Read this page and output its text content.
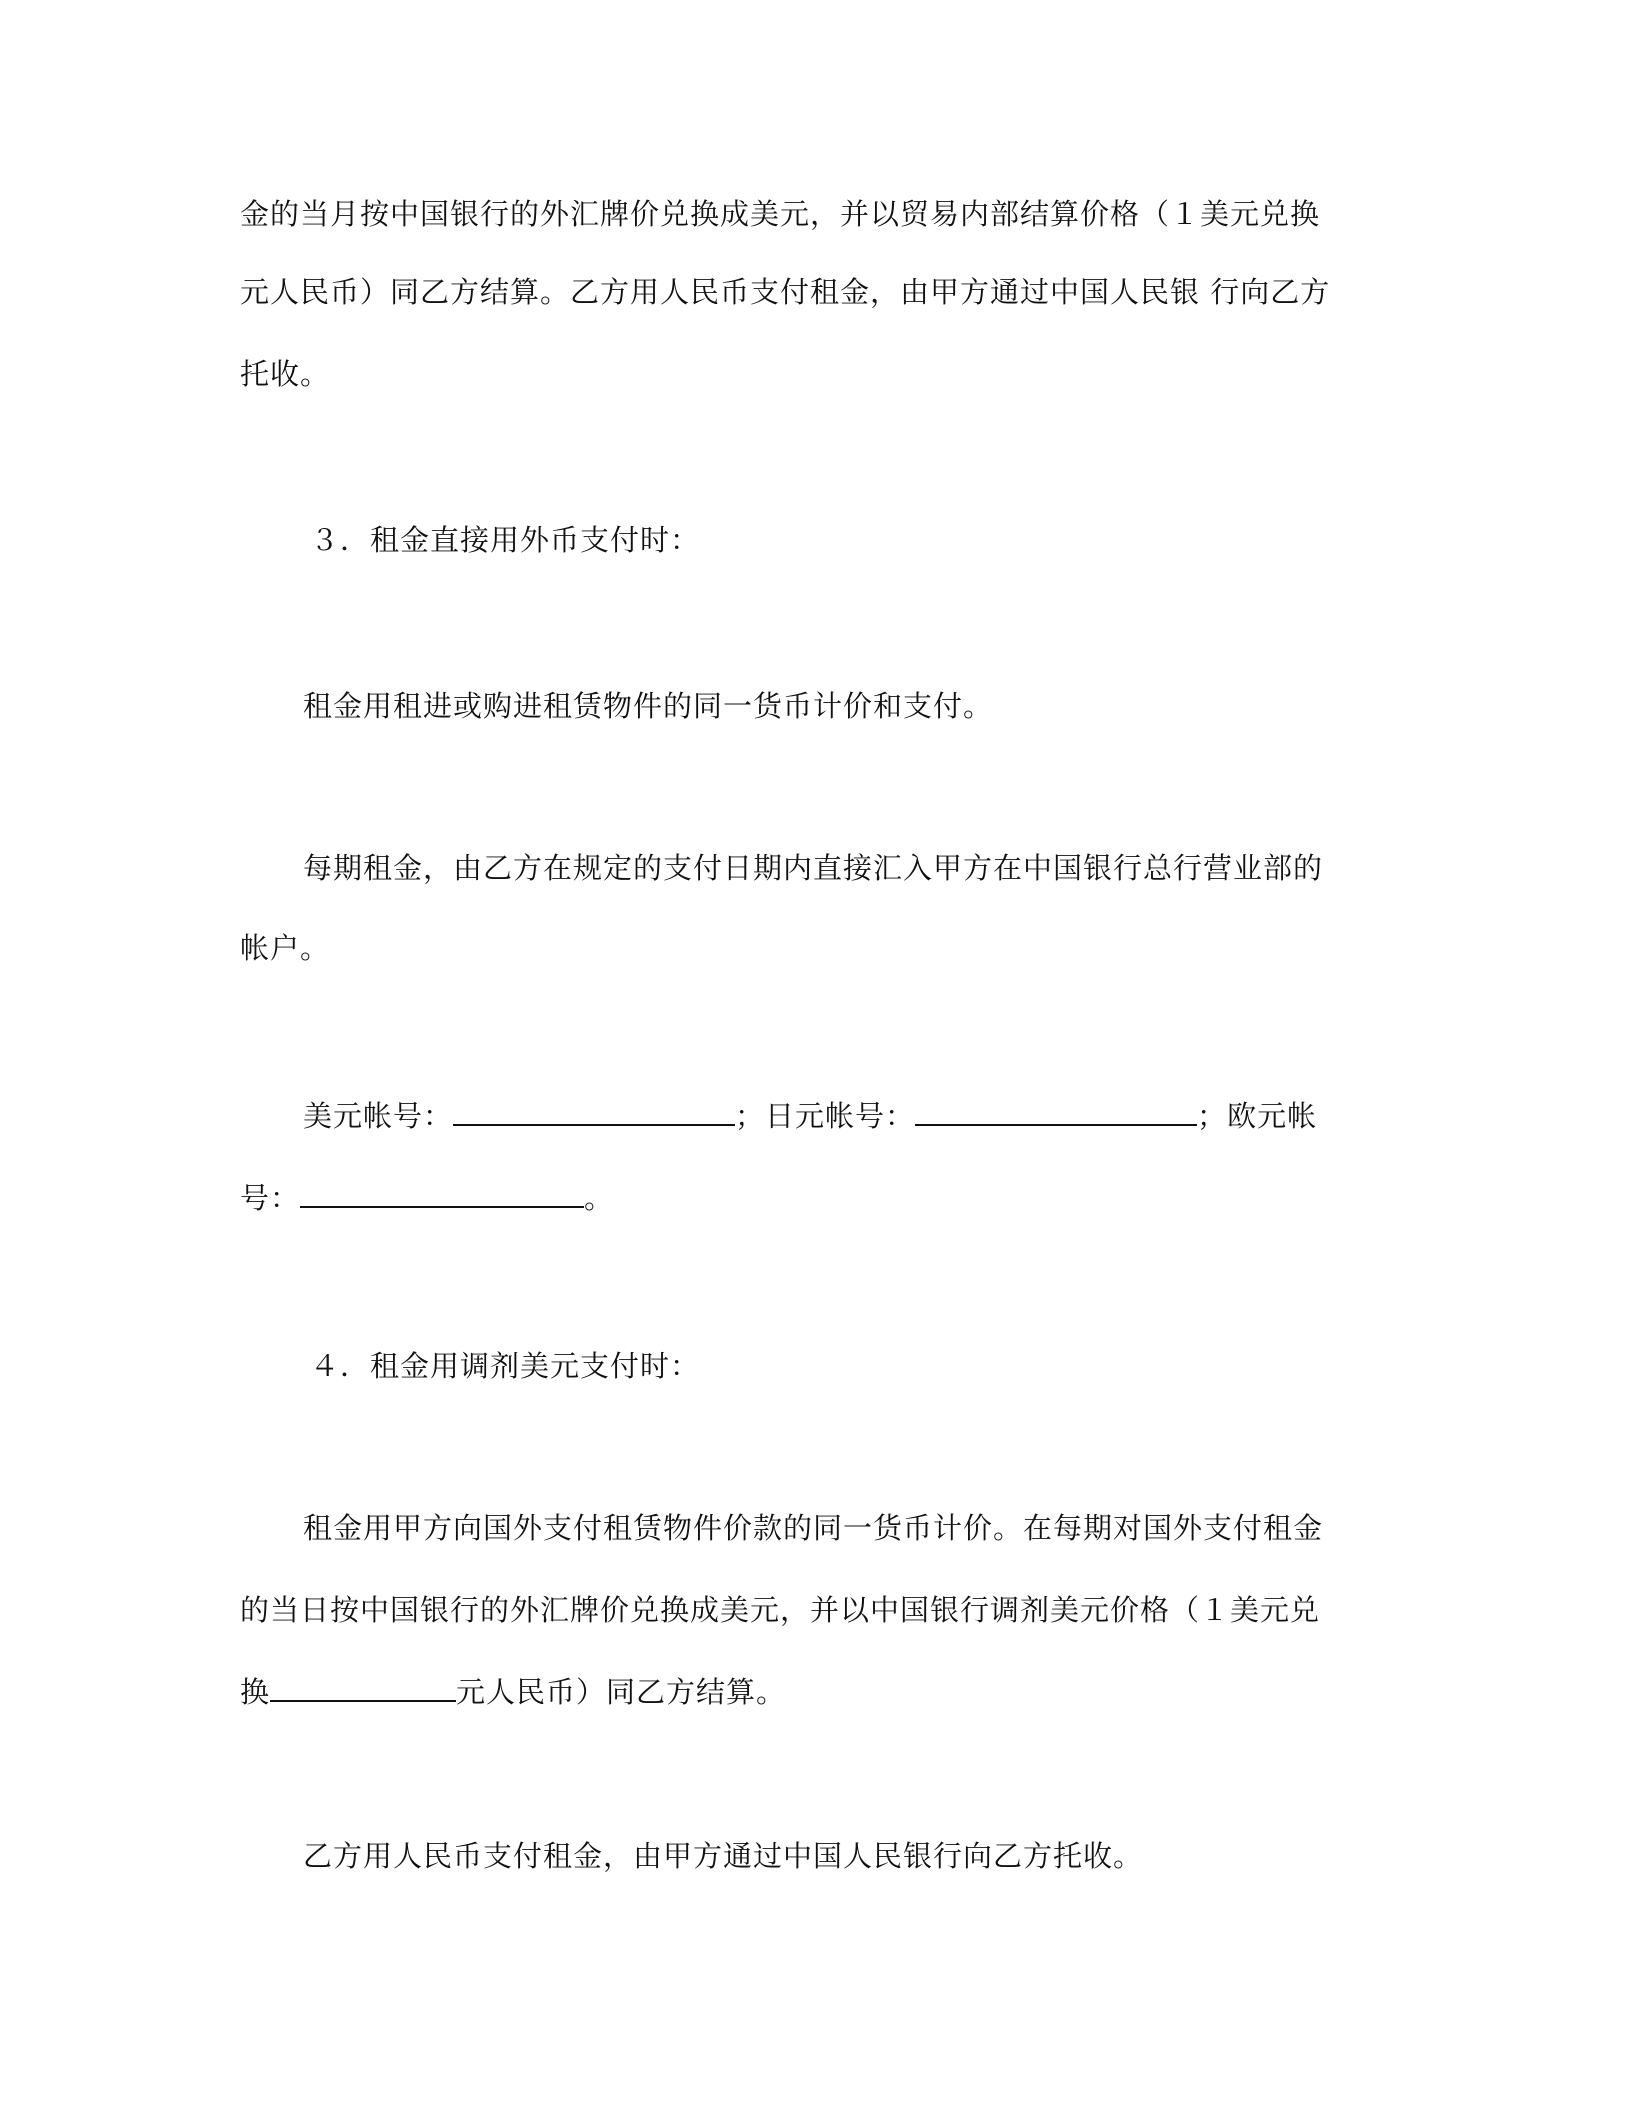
金的当月按中国银行的外汇牌价兑换成美元，并以贸易内部结算价格（１美元兑换
元人民币）同乙方结算。乙方用人民币支付租金，由甲方通过中国人民银 行向乙方
托收。
３．租金直接用外币支付时：
租金用租进或购进租赁物件的同一货币计价和支付。
每期租金，由乙方在规定的支付日期内直接汇入甲方在中国银行总行营业部的
帐户。
美元帐号：	；日元帐号：	；欧元帐
号：	。
４．租金用调剂美元支付时：
租金用甲方向国外支付租赁物件价款的同一货币计价。在每期对国外支付租金
的当日按中国银行的外汇牌价兑换成美元，并以中国银行调剂美元价格（１美元兑
换	元人民币）同乙方结算。
乙方用人民币支付租金，由甲方通过中国人民银行向乙方托收。
